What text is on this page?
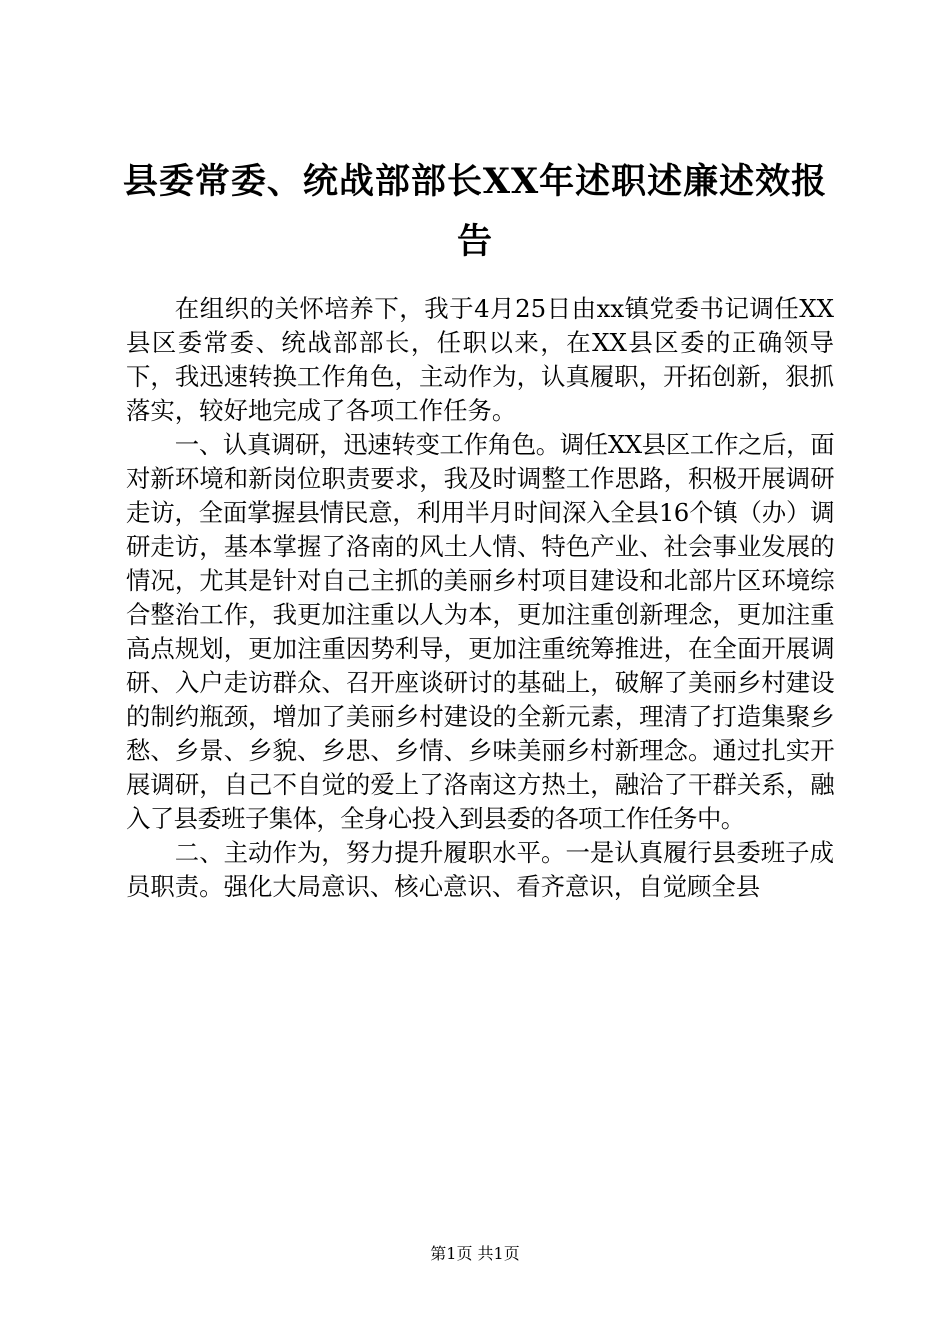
县委常委、统战部部长XX年述职述廉述效报
告

在组织的关怀培养下，我于4月25日由xx镇党委书记调任XX县区委常委、统战部部长，任职以来，在XX县区委的正确领导下，我迅速转换工作角色，主动作为，认真履职，开拓创新，狠抓落实，较好地完成了各项工作任务。

一、认真调研，迅速转变工作角色。调任XX县区工作之后，面对新环境和新岗位职责要求，我及时调整工作思路，积极开展调研走访，全面掌握县情民意，利用半月时间深入全县16个镇（办）调研走访，基本掌握了洛南的风土人情、特色产业、社会事业发展的情况，尤其是针对自己主抓的美丽乡村项目建设和北部片区环境综合整治工作，我更加注重以人为本，更加注重创新理念，更加注重高点规划，更加注重因势利导，更加注重统筹推进，在全面开展调研、入户走访群众、召开座谈研讨的基础上，破解了美丽乡村建设的制约瓶颈，增加了美丽乡村建设的全新元素，理清了打造集聚乡愁、乡景、乡貌、乡思、乡情、乡味美丽乡村新理念。通过扎实开展调研，自己不自觉的爱上了洛南这方热土，融洽了干群关系，融入了县委班子集体，全身心投入到县委的各项工作任务中。

二、主动作为，努力提升履职水平。一是认真履行县委班子成员职责。强化大局意识、核心意识、看齐意识，自觉顾全县

第1页 共1页
